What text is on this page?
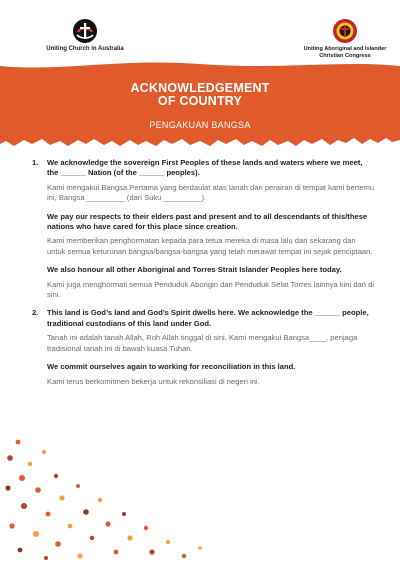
Uniting Church in Australia	Uniting Aboriginal and Islander Christian Congress
ACKNOWLEDGEMENT
OF COUNTRY
PENGAKUAN BANGSA
1. We acknowledge the sovereign First Peoples of these lands and waters where we meet, the ______ Nation (of the ______ peoples).

Kami mengakui Bangsa Pertama yang berdaulat atas tanah dan perairan di tempat kami bertemu ini, Bangsa _________ (dari Suku _________).

We pay our respects to their elders past and present and to all descendants of this/these nations who have cared for this place since creation.

Kami memberikan penghormatan kepada para tetua mereka di masa lalu dan sekarang dan untuk semua keturunan bangsa/bangsa-bangsa yang telah merawat tempat ini sejak penciptaan.

We also honour all other Aboriginal and Torres Strait Islander Peoples here today.

Kami juga menghormati semua Penduduk Aborigin dan Penduduk Selat Torres lainnya kini dan di sini.

2. This land is God’s land and God’s Spirit dwells here. We acknowledge the ______ people, traditional custodians of this land under God.

Tanah ini adalah tanah Allah, Roh Allah tinggal di sini. Kami mengakui Bangsa____, penjaga tradisional tanah ini di bawah kuasa Tuhan.

We commit ourselves again to working for reconciliation in this land.

Kami terus berkomitmen bekerja untuk rekonsiliasi di negeri ini.
